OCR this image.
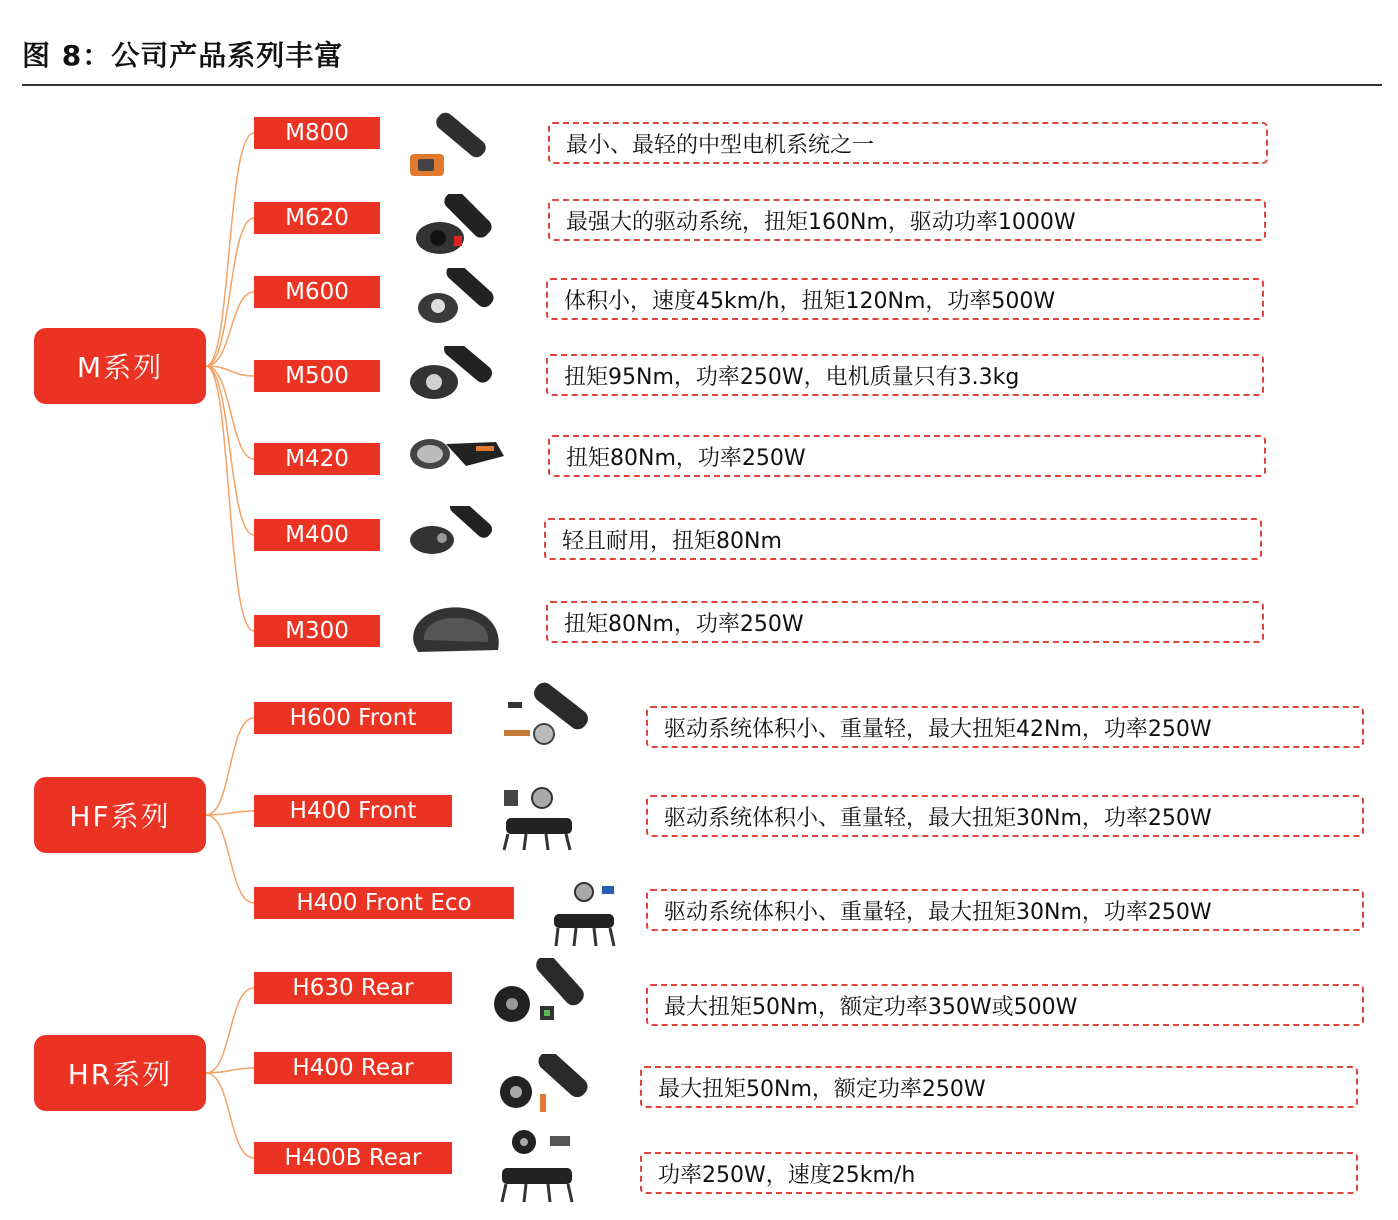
图 8：公司产品系列丰富
M系列
HF系列
HR系列
M800
M620
M600
M500
M420
M400
M300
H600 Front
H400 Front
H400 Front Eco
H630 Rear
H400 Rear
H400B Rear
最小、最轻的中型电机系统之一
最强大的驱动系统，扭矩160Nm，驱动功率1000W
体积小，速度45km/h，扭矩120Nm，功率500W
扭矩95Nm，功率250W，电机质量只有3.3kg
扭矩80Nm，功率250W
轻且耐用，扭矩80Nm
扭矩80Nm，功率250W
驱动系统体积小、重量轻，最大扭矩42Nm，功率250W
驱动系统体积小、重量轻，最大扭矩30Nm，功率250W
驱动系统体积小、重量轻，最大扭矩30Nm，功率250W
最大扭矩50Nm，额定功率350W或500W
最大扭矩50Nm，额定功率250W
功率250W，速度25km/h
